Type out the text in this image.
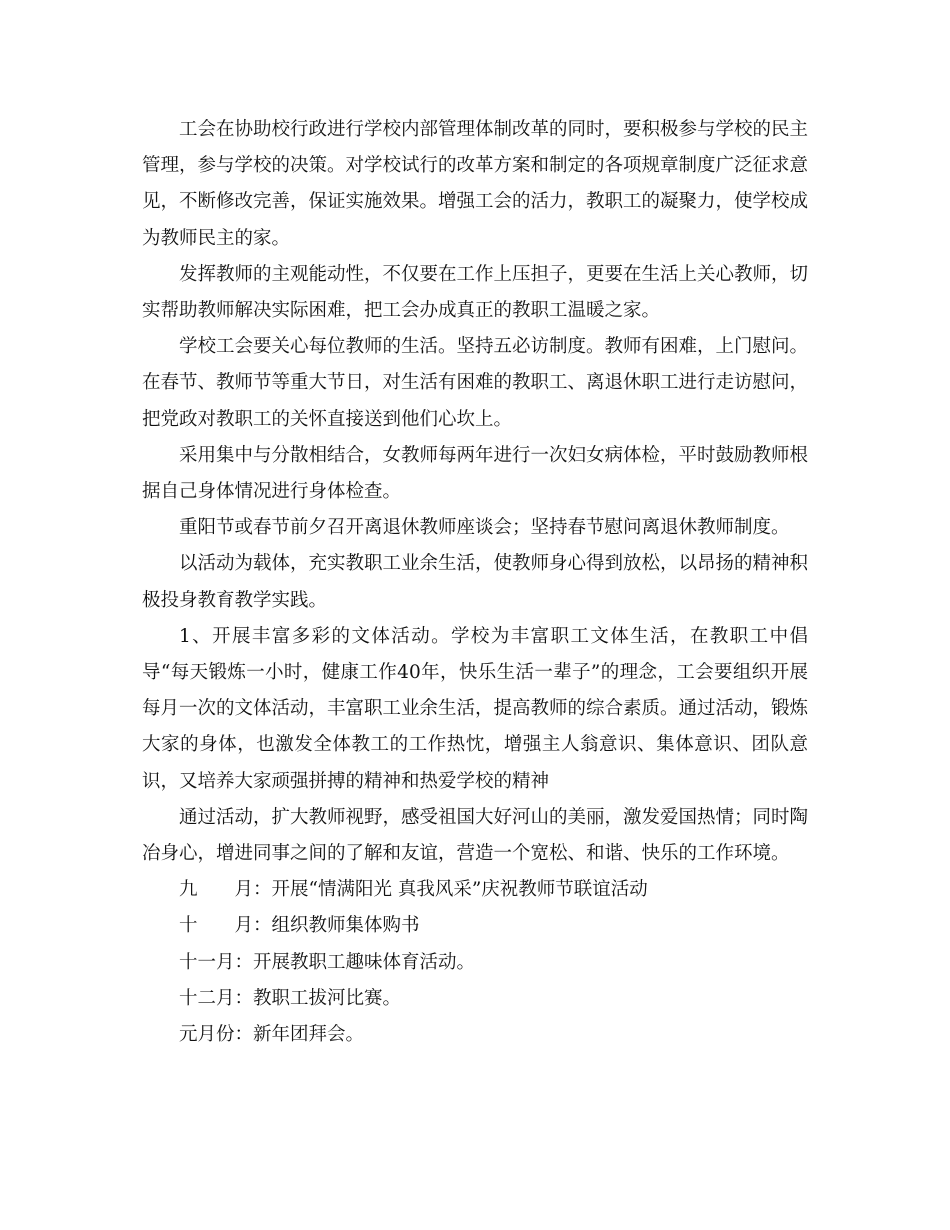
工会在协助校行政进行学校内部管理体制改革的同时，要积极参与学校的民主管理，参与学校的决策。对学校试行的改革方案和制定的各项规章制度广泛征求意见，不断修改完善，保证实施效果。增强工会的活力，教职工的凝聚力，使学校成为教师民主的家。

发挥教师的主观能动性，不仅要在工作上压担子，更要在生活上关心教师，切实帮助教师解决实际困难，把工会办成真正的教职工温暖之家。

学校工会要关心每位教师的生活。坚持五必访制度。教师有困难，上门慰问。在春节、教师节等重大节日，对生活有困难的教职工、离退休职工进行走访慰问，把党政对教职工的关怀直接送到他们心坎上。

采用集中与分散相结合，女教师每两年进行一次妇女病体检，平时鼓励教师根据自己身体情况进行身体检查。

重阳节或春节前夕召开离退休教师座谈会；坚持春节慰问离退休教师制度。

以活动为载体，充实教职工业余生活，使教师身心得到放松，以昂扬的精神积极投身教育教学实践。

1、开展丰富多彩的文体活动。学校为丰富职工文体生活，在教职工中倡导“每天锻炼一小时，健康工作40年，快乐生活一辈子”的理念，工会要组织开展每月一次的文体活动，丰富职工业余生活，提高教师的综合素质。通过活动，锻炼大家的身体，也激发全体教工的工作热忱，增强主人翁意识、集体意识、团队意识，又培养大家顽强拼搏的精神和热爱学校的精神

通过活动，扩大教师视野，感受祖国大好河山的美丽，激发爱国热情；同时陶冶身心，增进同事之间的了解和友谊，营造一个宽松、和谐、快乐的工作环境。

九　　月：开展“情满阳光 真我风采”庆祝教师节联谊活动

十　　月：组织教师集体购书

十一月：开展教职工趣味体育活动。

十二月：教职工拔河比赛。

元月份：新年团拜会。
